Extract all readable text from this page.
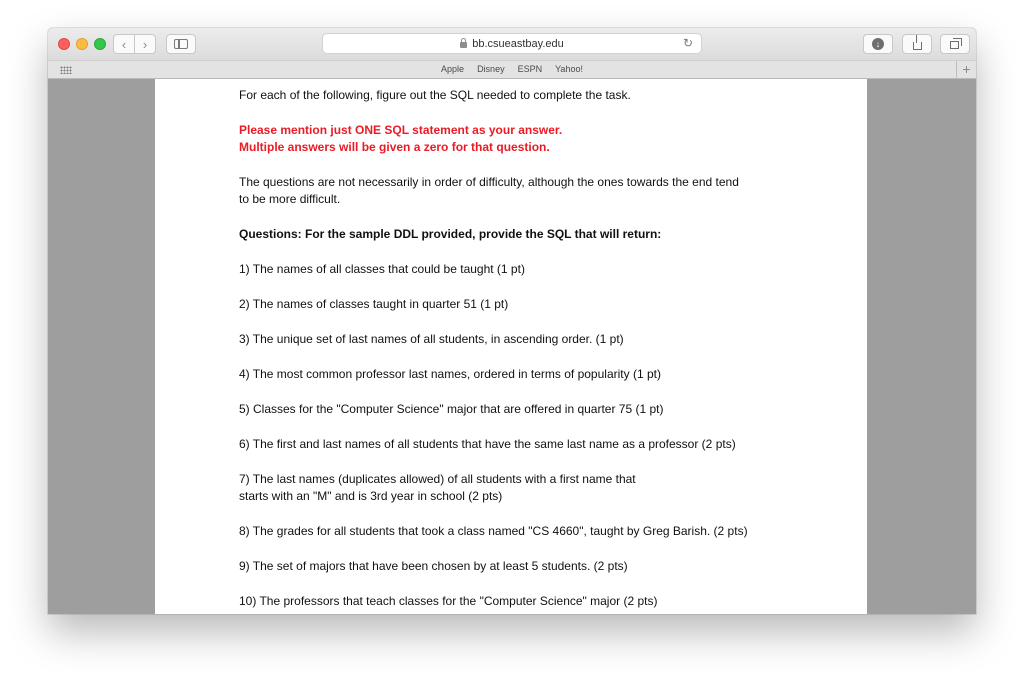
‹ ›	bb.csueastbay.edu	↻	↓
Apple Disney ESPN Yahoo!	+

For each of the following, figure out the SQL needed to complete the task.

Please mention just ONE SQL statement as your answer.

Multiple answers will be given a zero for that question.

The questions are not necessarily in order of difficulty, although the ones towards the end tend

to be more difficult.

Questions: For the sample DDL provided, provide the SQL that will return:

1) The names of all classes that could be taught (1 pt)

2) The names of classes taught in quarter 51 (1 pt)

3) The unique set of last names of all students, in ascending order. (1 pt)

4) The most common professor last names, ordered in terms of popularity (1 pt)

5) Classes for the "Computer Science" major that are offered in quarter 75 (1 pt)

6) The first and last names of all students that have the same last name as a professor (2 pts)

7) The last names (duplicates allowed) of all students with a first name that

starts with an "M" and is 3rd year in school (2 pts)

8) The grades for all students that took a class named "CS 4660", taught by Greg Barish. (2 pts)

9) The set of majors that have been chosen by at least 5 students. (2 pts)

10) The professors that teach classes for the "Computer Science" major (2 pts)
